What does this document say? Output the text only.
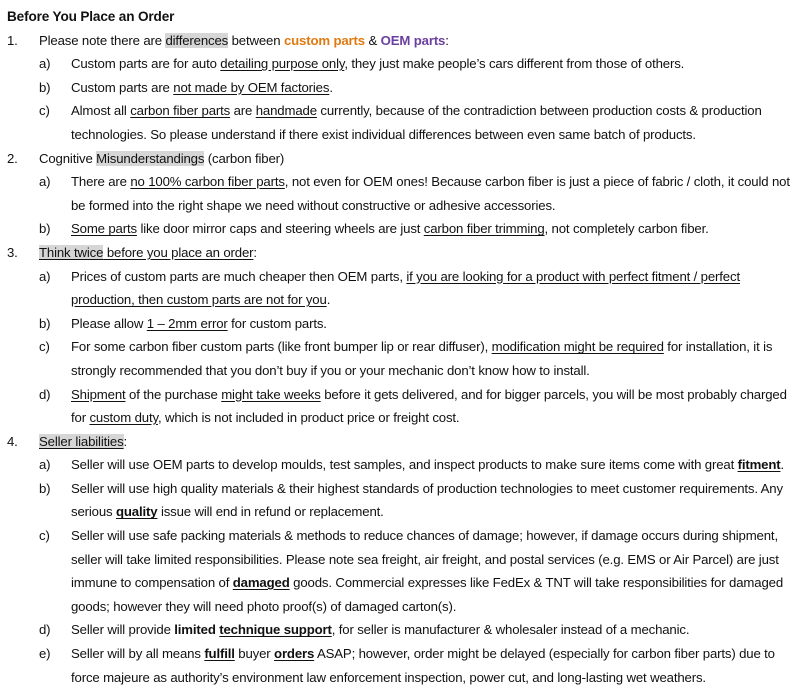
Before You Place an Order
1. Please note there are differences between custom parts & OEM parts:
a) Custom parts are for auto detailing purpose only, they just make people’s cars different from those of others.
b) Custom parts are not made by OEM factories.
c) Almost all carbon fiber parts are handmade currently, because of the contradiction between production costs & production technologies. So please understand if there exist individual differences between even same batch of products.
2. Cognitive Misunderstandings (carbon fiber)
a) There are no 100% carbon fiber parts, not even for OEM ones! Because carbon fiber is just a piece of fabric / cloth, it could not be formed into the right shape we need without constructive or adhesive accessories.
b) Some parts like door mirror caps and steering wheels are just carbon fiber trimming, not completely carbon fiber.
3. Think twice before you place an order:
a) Prices of custom parts are much cheaper then OEM parts, if you are looking for a product with perfect fitment / perfect production, then custom parts are not for you.
b) Please allow 1 – 2mm error for custom parts.
c) For some carbon fiber custom parts (like front bumper lip or rear diffuser), modification might be required for installation, it is strongly recommended that you don’t buy if you or your mechanic don’t know how to install.
d) Shipment of the purchase might take weeks before it gets delivered, and for bigger parcels, you will be most probably charged for custom duty, which is not included in product price or freight cost.
4. Seller liabilities:
a) Seller will use OEM parts to develop moulds, test samples, and inspect products to make sure items come with great fitment.
b) Seller will use high quality materials & their highest standards of production technologies to meet customer requirements. Any serious quality issue will end in refund or replacement.
c) Seller will use safe packing materials & methods to reduce chances of damage; however, if damage occurs during shipment, seller will take limited responsibilities. Please note sea freight, air freight, and postal services (e.g. EMS or Air Parcel) are just immune to compensation of damaged goods. Commercial expresses like FedEx & TNT will take responsibilities for damaged goods; however they will need photo proof(s) of damaged carton(s).
d) Seller will provide limited technique support, for seller is manufacturer & wholesaler instead of a mechanic.
e) Seller will by all means fulfill buyer orders ASAP; however, order might be delayed (especially for carbon fiber parts) due to force majeure as authority’s environment law enforcement inspection, power cut, and long-lasting wet weathers.
